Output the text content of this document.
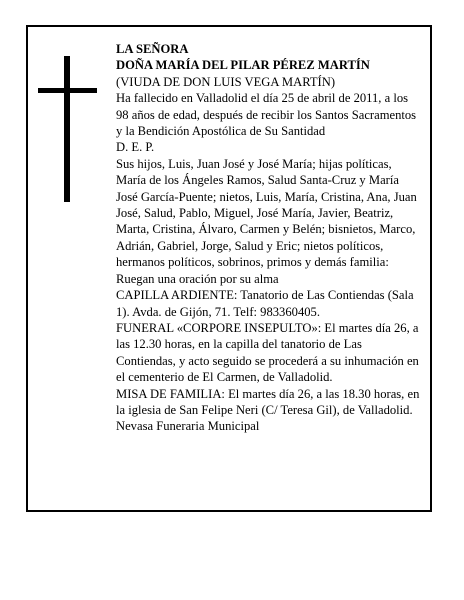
LA SEÑORA

DOÑA MARÍA DEL PILAR PÉREZ MARTÍN

(VIUDA DE DON LUIS VEGA MARTÍN)

Ha fallecido en Valladolid el día 25 de abril de 2011, a los 98 años de edad, después de recibir los Santos Sacramentos y la Bendición Apostólica de Su Santidad

D. E. P.

Sus hijos, Luis, Juan José y José María; hijas políticas, María de los Ángeles Ramos, Salud Santa-Cruz y María José García-Puente; nietos, Luis, María, Cristina, Ana, Juan José, Salud, Pablo, Miguel, José María, Javier, Beatriz, Marta, Cristina, Álvaro, Carmen y Belén; bisnietos, Marco, Adrián, Gabriel, Jorge, Salud y Eric; nietos políticos, hermanos políticos, sobrinos, primos y demás familia:

Ruegan una oración por su alma

CAPILLA ARDIENTE: Tanatorio de Las Contiendas (Sala 1). Avda. de Gijón, 71. Telf: 983360405.

FUNERAL «CORPORE INSEPULTO»: El martes día 26, a las 12.30 horas, en la capilla del tanatorio de Las Contiendas, y acto seguido se procederá a su inhumación en el cementerio de El Carmen, de Valladolid.

MISA DE FAMILIA: El martes día 26, a las 18.30 horas, en la iglesia de San Felipe Neri (C/ Teresa Gil), de Valladolid.

Nevasa Funeraria Municipal
